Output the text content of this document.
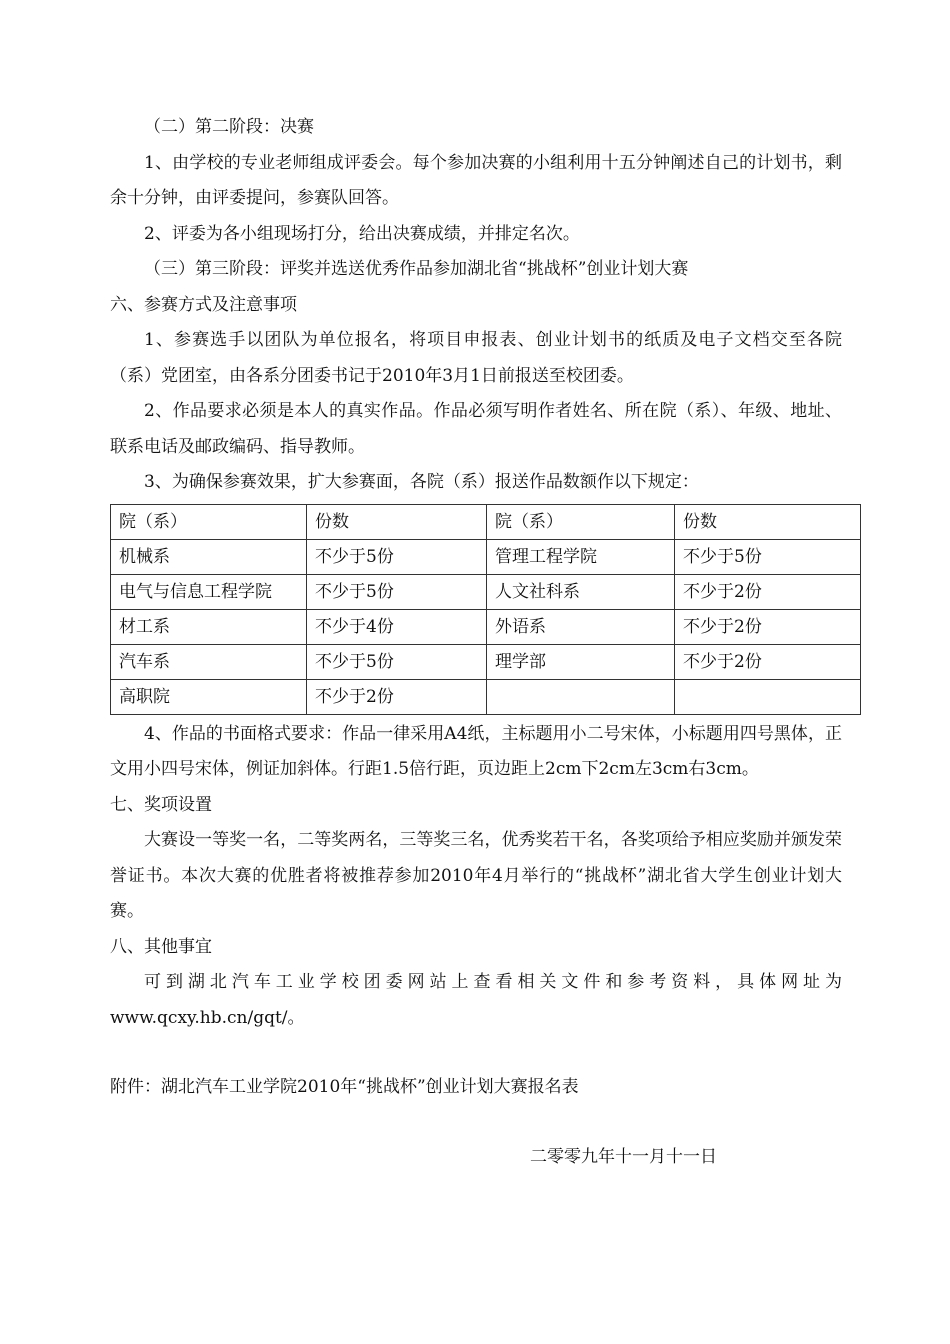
（二）第二阶段：决赛

1、由学校的专业老师组成评委会。每个参加决赛的小组利用十五分钟阐述自己的计划书，剩余十分钟，由评委提问，参赛队回答。

2、评委为各小组现场打分，给出决赛成绩，并排定名次。

（三）第三阶段：评奖并选送优秀作品参加湖北省“挑战杯”创业计划大赛

六、参赛方式及注意事项

1、参赛选手以团队为单位报名，将项目申报表、创业计划书的纸质及电子文档交至各院（系）党团室，由各系分团委书记于2010年3月1日前报送至校团委。

2、作品要求必须是本人的真实作品。作品必须写明作者姓名、所在院（系）、年级、地址、联系电话及邮政编码、指导教师。

3、为确保参赛效果，扩大参赛面，各院（系）报送作品数额作以下规定：

院（系）	份数	院（系）	份数
机械系	不少于5份	管理工程学院	不少于5份
电气与信息工程学院	不少于5份	人文社科系	不少于2份
材工系	不少于4份	外语系	不少于2份
汽车系	不少于5份	理学部	不少于2份
高职院	不少于2份		

4、作品的书面格式要求：作品一律采用A4纸，主标题用小二号宋体，小标题用四号黑体，正文用小四号宋体，例证加斜体。行距1.5倍行距，页边距上2cm下2cm左3cm右3cm。

七、奖项设置

大赛设一等奖一名，二等奖两名，三等奖三名，优秀奖若干名，各奖项给予相应奖励并颁发荣誉证书。本次大赛的优胜者将被推荐参加2010年4月举行的“挑战杯”湖北省大学生创业计划大赛。

八、其他事宜

可到湖北汽车工业学校团委网站上查看相关文件和参考资料，具体网址为www.qcxy.hb.cn/gqt/。

附件：湖北汽车工业学院2010年“挑战杯”创业计划大赛报名表

二零零九年十一月十一日
